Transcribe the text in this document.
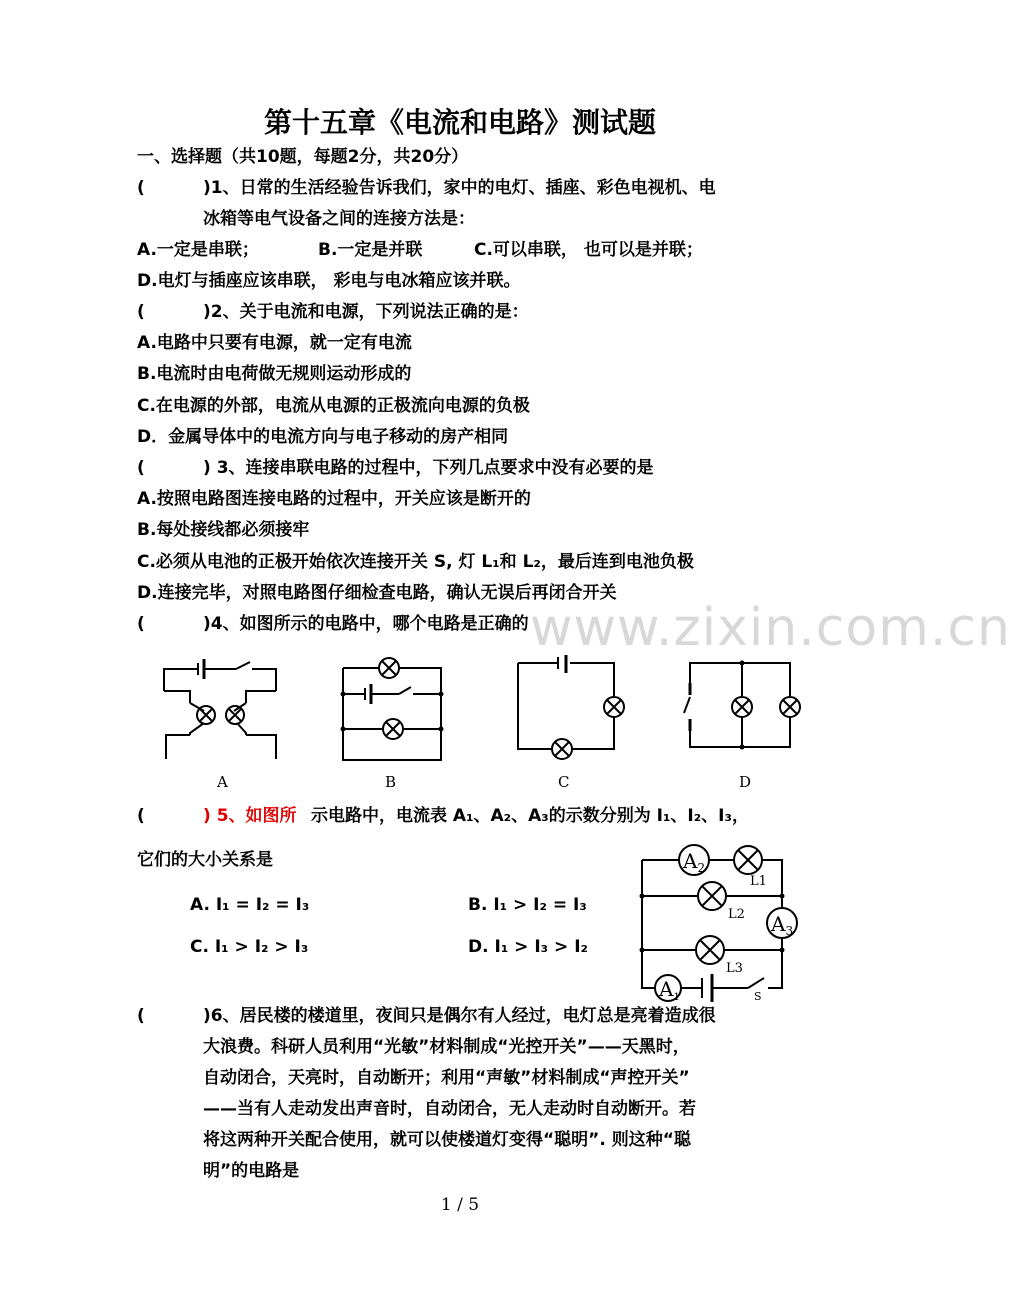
www.zixin.com.cn
第十五章《电流和电路》测试题
一、选择题（共10题，每题2分，共20分）
(	)1、日常的生活经验告诉我们，家中的电灯、插座、彩色电视机、电
冰箱等电气设备之间的连接方法是：
A.一定是串联；	B.一定是并联	C.可以串联， 也可以是并联；
D.电灯与插座应该串联， 彩电与电冰箱应该并联。
(	)2、关于电流和电源，下列说法正确的是：
A.电路中只要有电源，就一定有电流
B.电流时由电荷做无规则运动形成的
C.在电源的外部，电流从电源的正极流向电源的负极
D．金属导体中的电流方向与电子移动的房产相同
(	) 3、连接串联电路的过程中，下列几点要求中没有必要的是
A.按照电路图连接电路的过程中，开关应该是断开的
B.每处接线都必须接牢
C.必须从电池的正极开始依次连接开关 S, 灯 L₁和 L₂，最后连到电池负极
D.连接完毕，对照电路图仔细检查电路，确认无误后再闭合开关
(	)4、如图所示的电路中，哪个电路是正确的
A	B	C	D
(	) 5、如图所 示电路中，电流表 A₁、A₂、A₃的示数分别为 I₁、I₂、I₃，
它们的大小关系是
A. I₁ = I₂ = I₃	B. I₁ > I₂ = I₃
C. I₁ > I₂ > I₃	D. I₁ > I₃ > I₂
$A_2$
$A_3$
$A_1$
L1
L2
L3
S
(	)6、居民楼的楼道里，夜间只是偶尔有人经过，电灯总是亮着造成很
大浪费。科研人员利用“光敏”材料制成“光控开关”——天黑时，
自动闭合，天亮时，自动断开；利用“声敏”材料制成“声控开关”
——当有人走动发出声音时，自动闭合，无人走动时自动断开。若
将这两种开关配合使用，就可以使楼道灯变得“聪明”. 则这种“聪
明”的电路是
1 / 5
